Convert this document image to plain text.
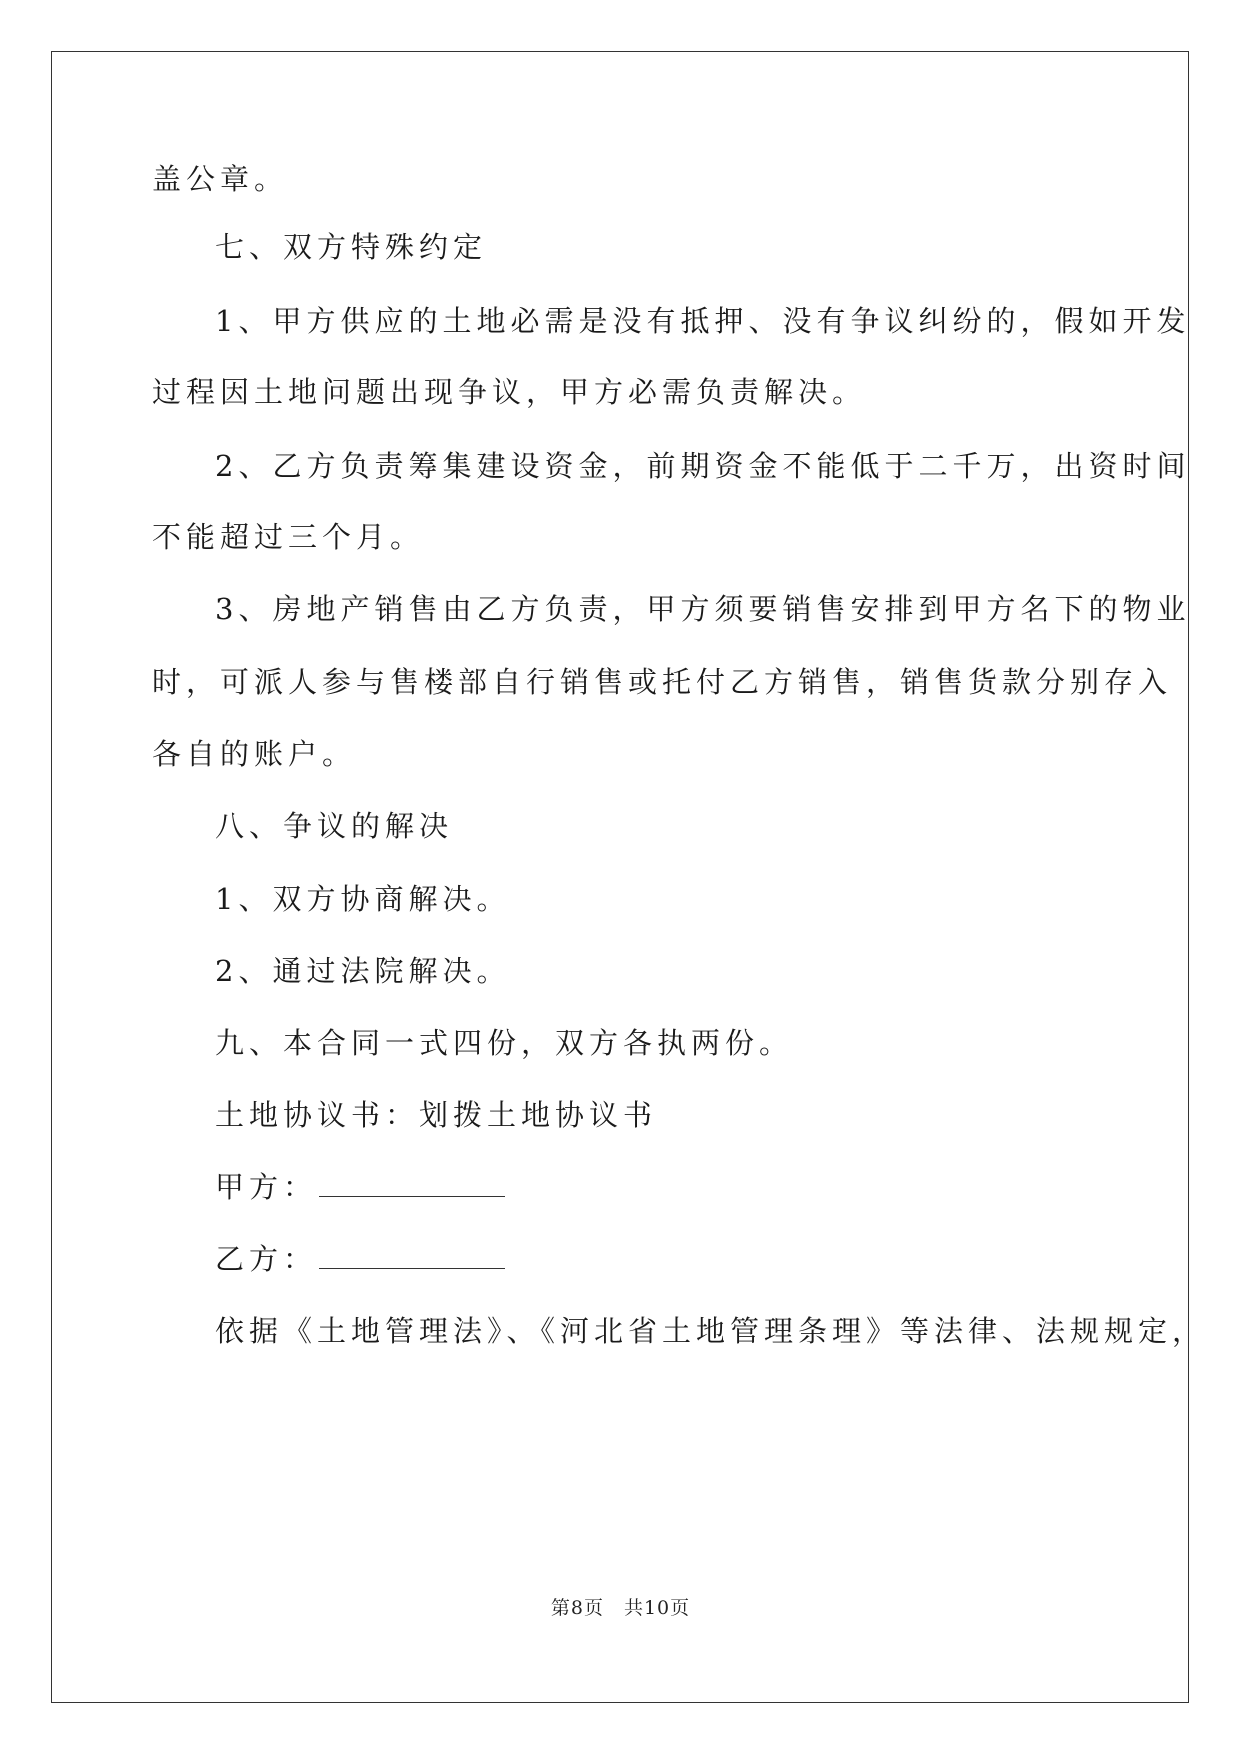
盖公章。
七、双方特殊约定
1、甲方供应的土地必需是没有抵押、没有争议纠纷的，假如开发
过程因土地问题出现争议，甲方必需负责解决。
2、乙方负责筹集建设资金，前期资金不能低于二千万，出资时间
不能超过三个月。
3、房地产销售由乙方负责，甲方须要销售安排到甲方名下的物业
时，可派人参与售楼部自行销售或托付乙方销售，销售货款分别存入
各自的账户。
八、争议的解决
1、双方协商解决。
2、通过法院解决。
九、本合同一式四份，双方各执两份。
土地协议书：划拨土地协议书
甲方：
乙方：
依据《土地管理法》、《河北省土地管理条理》等法律、法规规定，
第8页　共10页
